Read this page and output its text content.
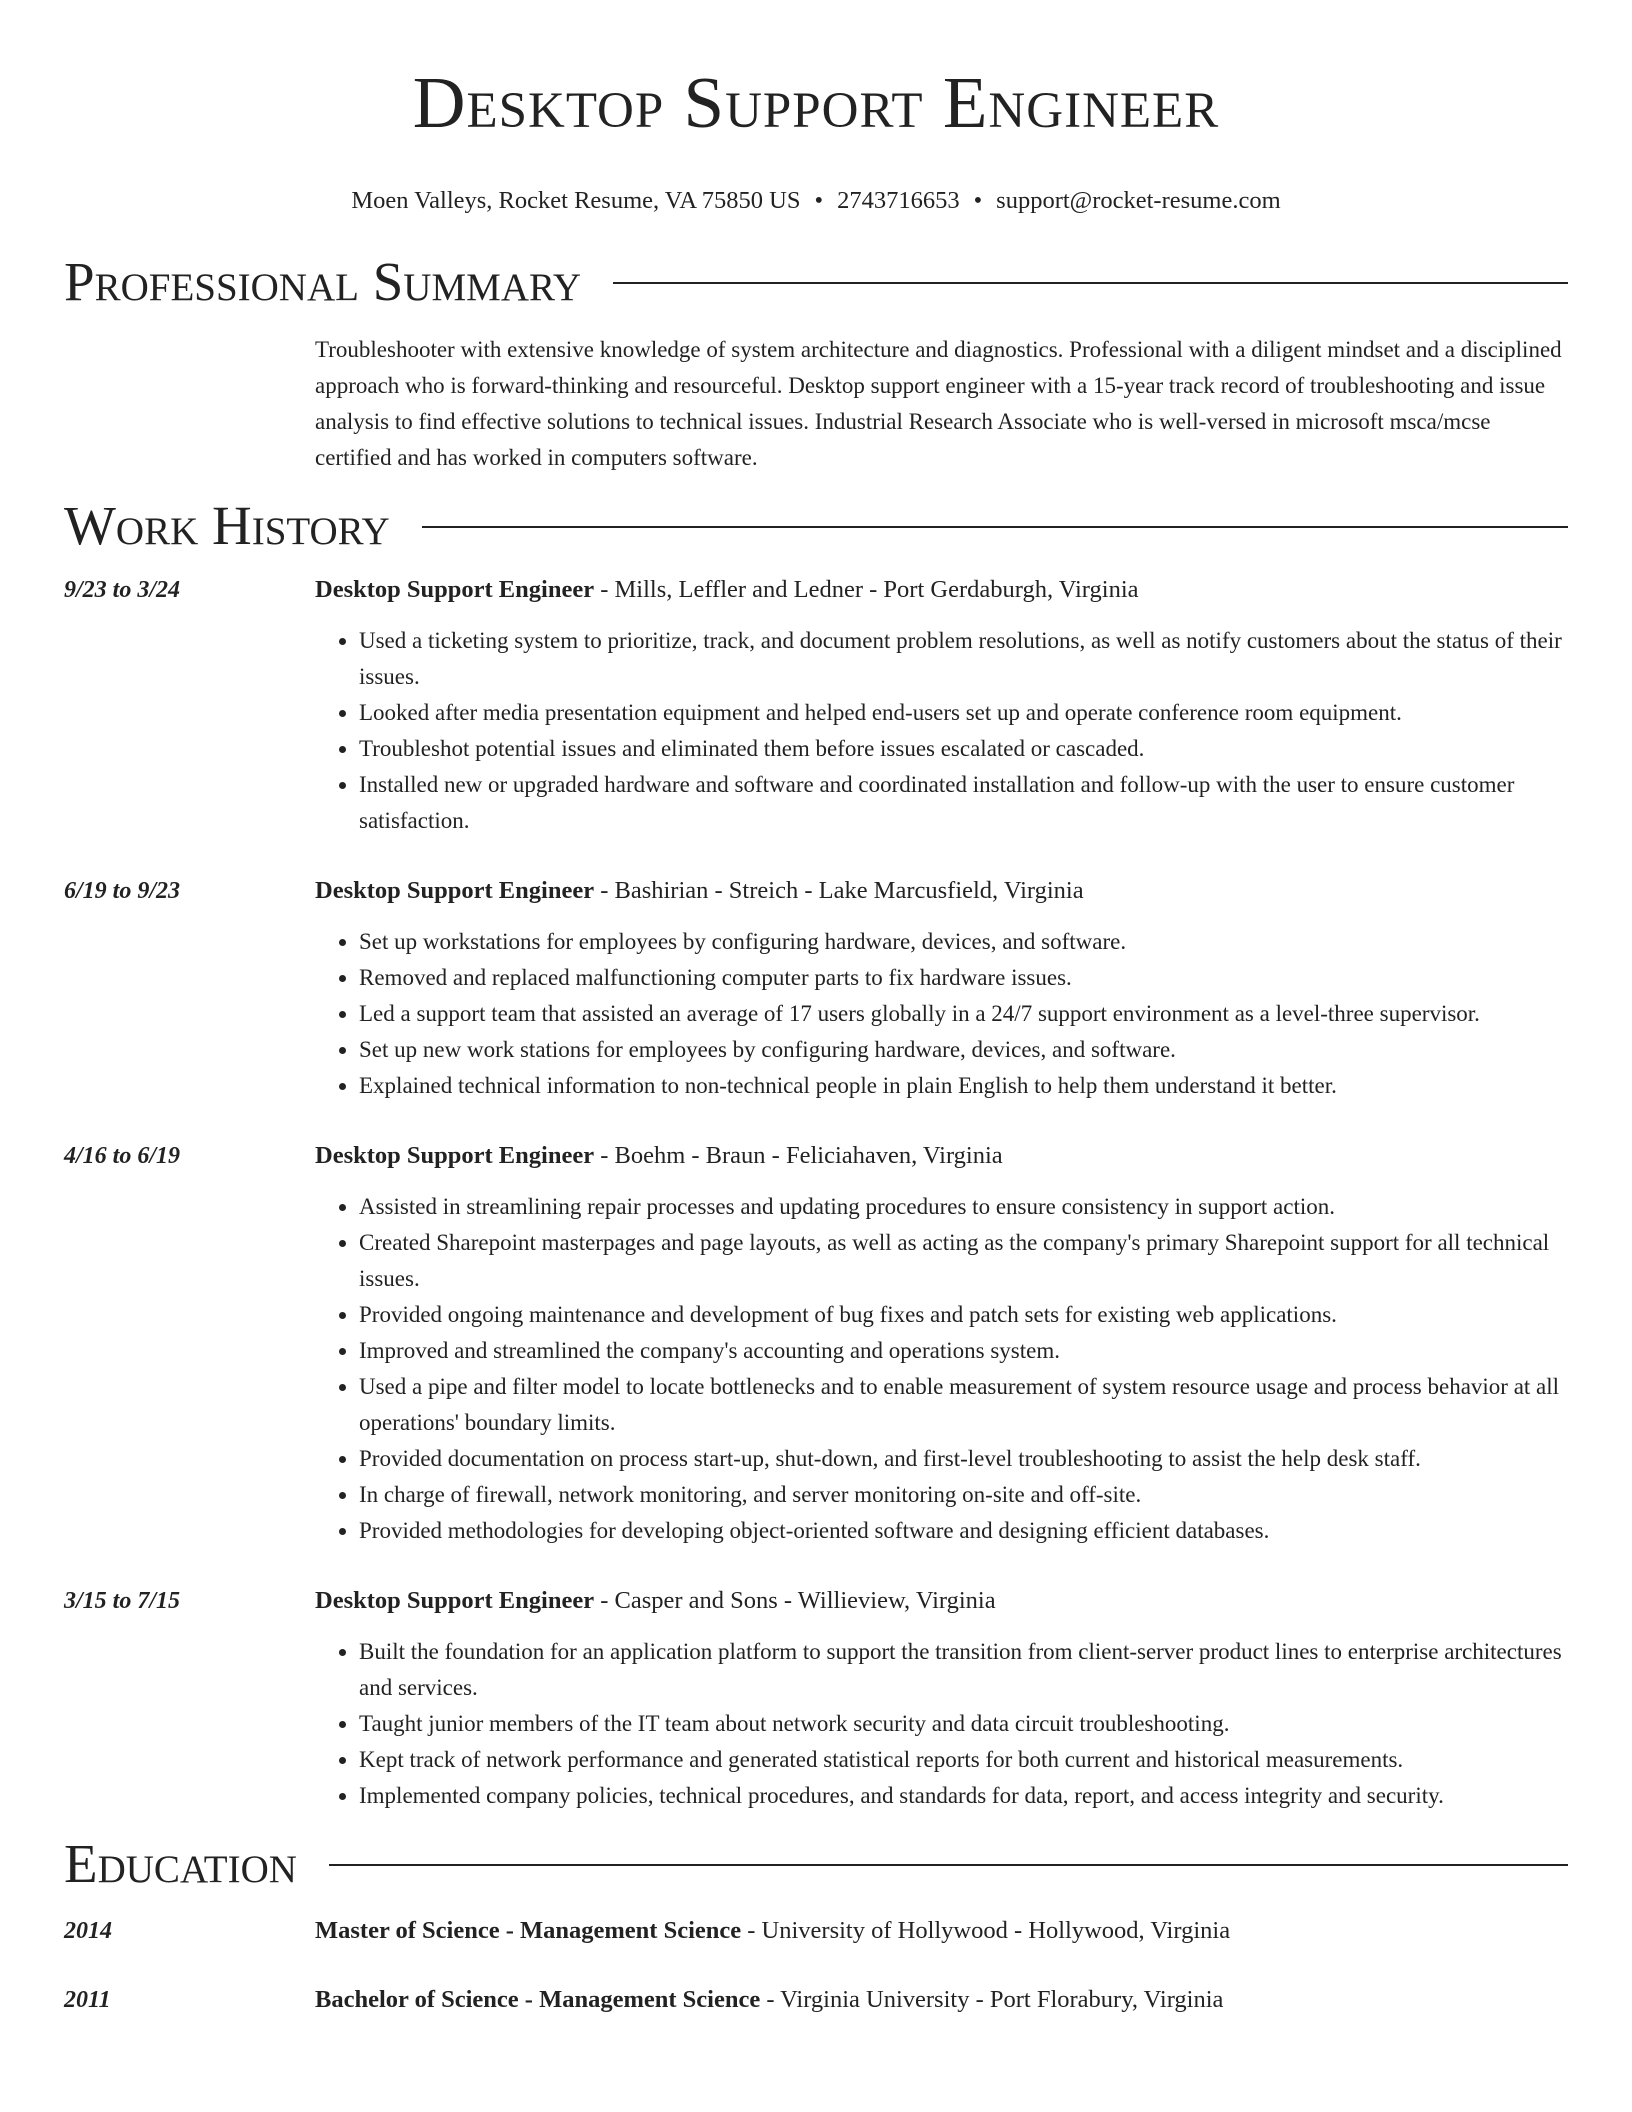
Desktop Support Engineer
Moen Valleys, Rocket Resume, VA 75850 US • 2743716653 • support@rocket-resume.com
Professional Summary
Troubleshooter with extensive knowledge of system architecture and diagnostics. Professional with a diligent mindset and a disciplined approach who is forward-thinking and resourceful. Desktop support engineer with a 15-year track record of troubleshooting and issue analysis to find effective solutions to technical issues. Industrial Research Associate who is well-versed in microsoft msca/mcse certified and has worked in computers software.
Work History
9/23 to 3/24	Desktop Support Engineer - Mills, Leffler and Ledner - Port Gerdaburgh, Virginia
• Used a ticketing system to prioritize, track, and document problem resolutions, as well as notify customers about the status of their issues.
• Looked after media presentation equipment and helped end-users set up and operate conference room equipment.
• Troubleshot potential issues and eliminated them before issues escalated or cascaded.
• Installed new or upgraded hardware and software and coordinated installation and follow-up with the user to ensure customer satisfaction.
6/19 to 9/23	Desktop Support Engineer - Bashirian - Streich - Lake Marcusfield, Virginia
• Set up workstations for employees by configuring hardware, devices, and software.
• Removed and replaced malfunctioning computer parts to fix hardware issues.
• Led a support team that assisted an average of 17 users globally in a 24/7 support environment as a level-three supervisor.
• Set up new work stations for employees by configuring hardware, devices, and software.
• Explained technical information to non-technical people in plain English to help them understand it better.
4/16 to 6/19	Desktop Support Engineer - Boehm - Braun - Feliciahaven, Virginia
• Assisted in streamlining repair processes and updating procedures to ensure consistency in support action.
• Created Sharepoint masterpages and page layouts, as well as acting as the company's primary Sharepoint support for all technical issues.
• Provided ongoing maintenance and development of bug fixes and patch sets for existing web applications.
• Improved and streamlined the company's accounting and operations system.
• Used a pipe and filter model to locate bottlenecks and to enable measurement of system resource usage and process behavior at all operations' boundary limits.
• Provided documentation on process start-up, shut-down, and first-level troubleshooting to assist the help desk staff.
• In charge of firewall, network monitoring, and server monitoring on-site and off-site.
• Provided methodologies for developing object-oriented software and designing efficient databases.
3/15 to 7/15	Desktop Support Engineer - Casper and Sons - Willieview, Virginia
• Built the foundation for an application platform to support the transition from client-server product lines to enterprise architectures and services.
• Taught junior members of the IT team about network security and data circuit troubleshooting.
• Kept track of network performance and generated statistical reports for both current and historical measurements.
• Implemented company policies, technical procedures, and standards for data, report, and access integrity and security.
Education
2014	Master of Science - Management Science - University of Hollywood - Hollywood, Virginia
2011	Bachelor of Science - Management Science - Virginia University - Port Florabury, Virginia
